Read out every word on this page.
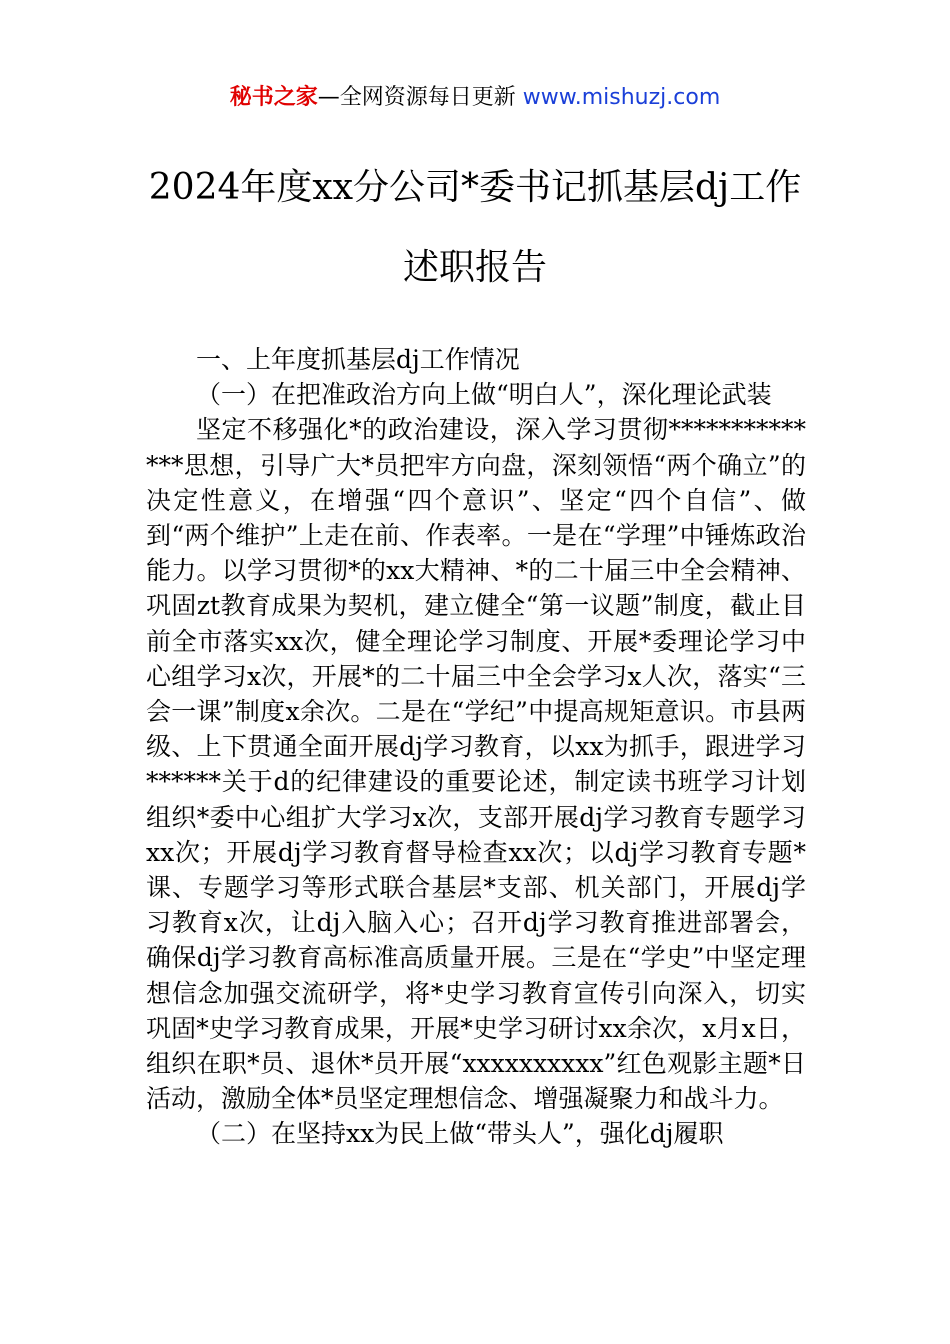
秘书之家—全网资源每日更新 www.mishuzj.com
2024年度xx分公司*委书记抓基层dj工作
述职报告

一、上年度抓基层dj工作情况

（一）在把准政治方向上做“明白人”，深化理论武装

坚定不移强化*的政治建设，深入学习贯彻**************思想，引导广大*员把牢方向盘，深刻领悟“两个确立”的决定性意义，在增强“四个意识”、坚定“四个自信”、做到“两个维护”上走在前、作表率。一是在“学理”中锤炼政治能力。以学习贯彻*的xx大精神、*的二十届三中全会精神、巩固zt教育成果为契机，建立健全“第一议题”制度，截止目前全市落实xx次，健全理论学习制度、开展*委理论学习中心组学习x次，开展*的二十届三中全会学习x人次，落实“三会一课”制度x余次。二是在“学纪”中提高规矩意识。市县两级、上下贯通全面开展dj学习教育，以xx为抓手，跟进学习******关于d的纪律建设的重要论述，制定读书班学习计划组织*委中心组扩大学习x次，支部开展dj学习教育专题学习xx次；开展dj学习教育督导检查xx次；以dj学习教育专题*课、专题学习等形式联合基层*支部、机关部门，开展dj学习教育x次，让dj入脑入心；召开dj学习教育推进部署会，确保dj学习教育高标准高质量开展。三是在“学史”中坚定理想信念加强交流研学，将*史学习教育宣传引向深入，切实巩固*史学习教育成果，开展*史学习研讨xx余次，x月x日，组织在职*员、退休*员开展“xxxxxxxxxx”红色观影主题*日活动，激励全体*员坚定理想信念、增强凝聚力和战斗力。

（二）在坚持xx为民上做“带头人”，强化dj履职
